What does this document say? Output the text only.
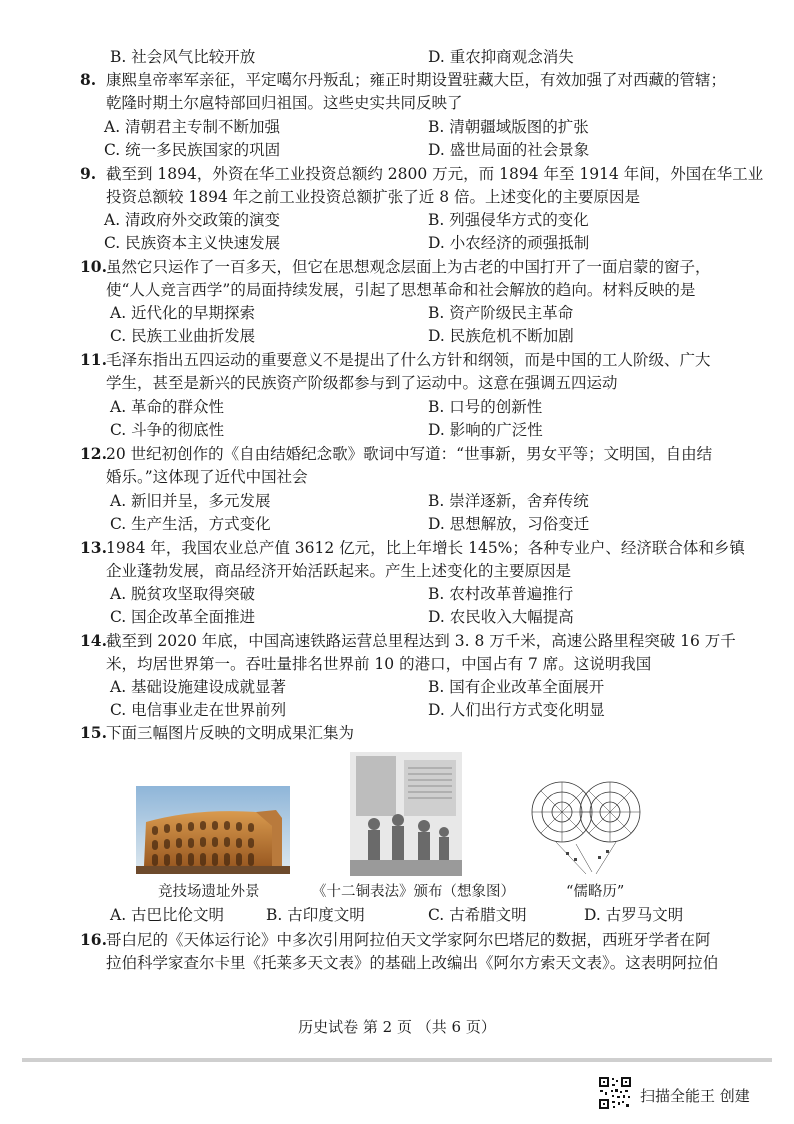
B. 社会风气比较开放	D. 重农抑商观念消失
8. 康熙皇帝率军亲征，平定噶尔丹叛乱；雍正时期设置驻藏大臣，有效加强了对西藏的管辖；
乾隆时期土尔扈特部回归祖国。这些史实共同反映了
A. 清朝君主专制不断加强	B. 清朝疆域版图的扩张
C. 统一多民族国家的巩固	D. 盛世局面的社会景象
9. 截至到 1894，外资在华工业投资总额约 2800 万元，而 1894 年至 1914 年间，外国在华工业
投资总额较 1894 年之前工业投资总额扩张了近 8 倍。上述变化的主要原因是
A. 清政府外交政策的演变	B. 列强侵华方式的变化
C. 民族资本主义快速发展	D. 小农经济的顽强抵制
10. 虽然它只运作了一百多天，但它在思想观念层面上为古老的中国打开了一面启蒙的窗子，
使“人人竞言西学”的局面持续发展，引起了思想革命和社会解放的趋向。材料反映的是
A. 近代化的早期探索	B. 资产阶级民主革命
C. 民族工业曲折发展	D. 民族危机不断加剧
11. 毛泽东指出五四运动的重要意义不是提出了什么方针和纲领，而是中国的工人阶级、广大
学生，甚至是新兴的民族资产阶级都参与到了运动中。这意在强调五四运动
A. 革命的群众性	B. 口号的创新性
C. 斗争的彻底性	D. 影响的广泛性
12. 20 世纪初创作的《自由结婚纪念歌》歌词中写道：“世事新，男女平等；文明国，自由结
婚乐。”这体现了近代中国社会
A. 新旧并呈，多元发展	B. 崇洋逐新，舍弃传统
C. 生产生活，方式变化	D. 思想解放，习俗变迁
13. 1984 年，我国农业总产值 3612 亿元，比上年增长 145%；各种专业户、经济联合体和乡镇
企业蓬勃发展，商品经济开始活跃起来。产生上述变化的主要原因是
A. 脱贫攻坚取得突破	B. 农村改革普遍推行
C. 国企改革全面推进	D. 农民收入大幅提高
14. 截至到 2020 年底，中国高速铁路运营总里程达到 3. 8 万千米，高速公路里程突破 16 万千
米，均居世界第一。吞吐量排名世界前 10 的港口，中国占有 7 席。这说明我国
A. 基础设施建设成就显著	B. 国有企业改革全面展开
C. 电信事业走在世界前列	D. 人们出行方式变化明显
15. 下面三幅图片反映的文明成果汇集为
竞技场遗址外景	《十二铜表法》颁布（想象图）	“儒略历”
A. 古巴比伦文明	B. 古印度文明	C. 古希腊文明	D. 古罗马文明
16. 哥白尼的《天体运行论》中多次引用阿拉伯天文学家阿尔巴塔尼的数据，西班牙学者在阿
拉伯科学家查尔卡里《托莱多天文表》的基础上改编出《阿尔方索天文表》。这表明阿拉伯
历史试卷 第 2 页 （共 6 页）
扫描全能王 创建
